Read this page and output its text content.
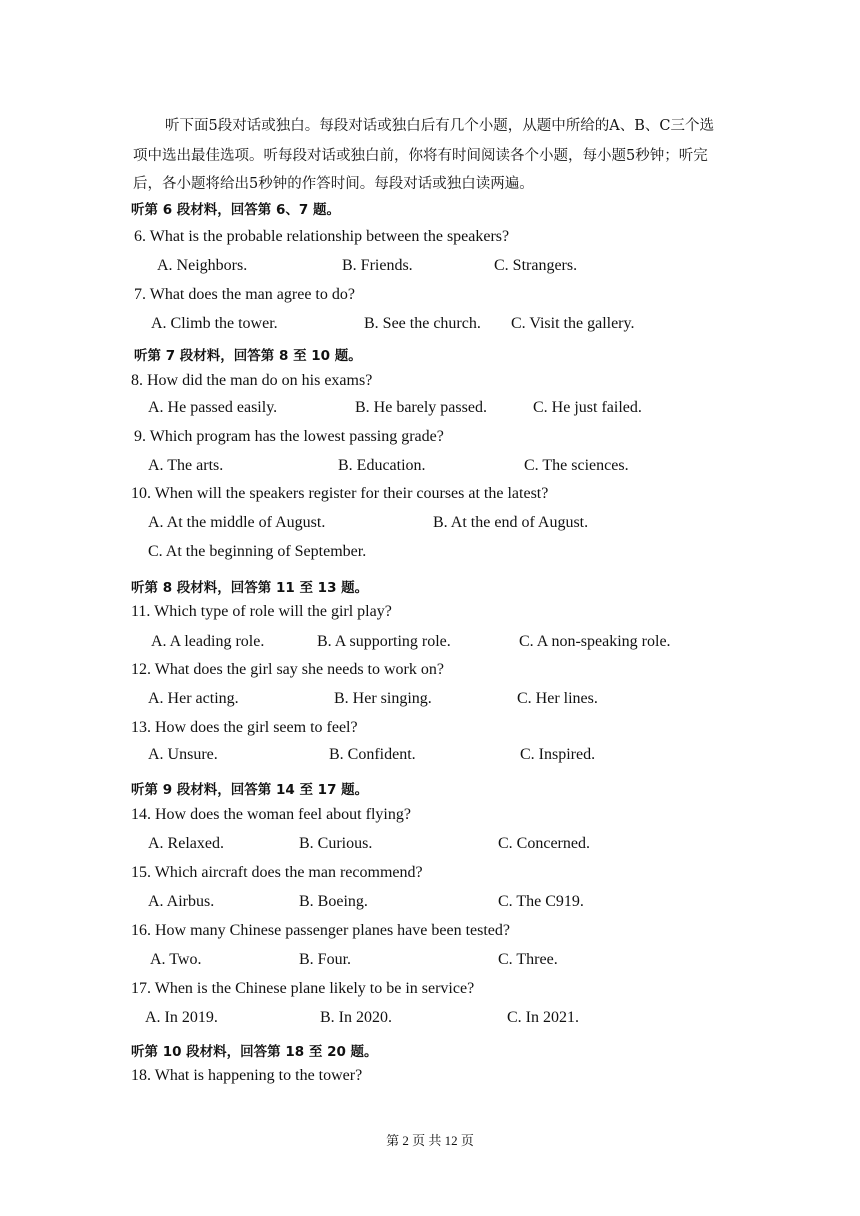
听下面5段对话或独白。每段对话或独白后有几个小题，从题中所给的A、B、C三个选
项中选出最佳选项。听每段对话或独白前，你将有时间阅读各个小题，每小题5秒钟；听完
后，各小题将给出5秒钟的作答时间。每段对话或独白读两遍。
听第 6 段材料，回答第 6、7 题。
6. What is the probable relationship between the speakers?
A. Neighbors.	B. Friends.	C. Strangers.
7. What does the man agree to do?
A. Climb the tower.	B. See the church. C. Visit the gallery.
听第 7 段材料，回答第 8 至 10 题。
8. How did the man do on his exams?
A. He passed easily.	B. He barely passed.	C. He just failed.
9. Which program has the lowest passing grade?
A. The arts.	B. Education.	C. The sciences.
10. When will the speakers register for their courses at the latest?
A. At the middle of August.	B. At the end of August.
C. At the beginning of September.
听第 8 段材料，回答第 11 至 13 题。
11. Which type of role will the girl play?
A. A leading role.	B. A supporting role.	C. A non-speaking role.
12. What does the girl say she needs to work on?
A. Her acting.	B. Her singing.	C. Her lines.
13. How does the girl seem to feel?
A. Unsure.	B. Confident.	C. Inspired.
听第 9 段材料，回答第 14 至 17 题。
14. How does the woman feel about flying?
A. Relaxed.	B. Curious.	C. Concerned.
15. Which aircraft does the man recommend?
A. Airbus.	B. Boeing.	C. The C919.
16. How many Chinese passenger planes have been tested?
A. Two.	B. Four.	C. Three.
17. When is the Chinese plane likely to be in service?
A. In 2019.	B. In 2020.	C. In 2021.
听第 10 段材料，回答第 18 至 20 题。
18. What is happening to the tower?
第 2 页 共 12 页
